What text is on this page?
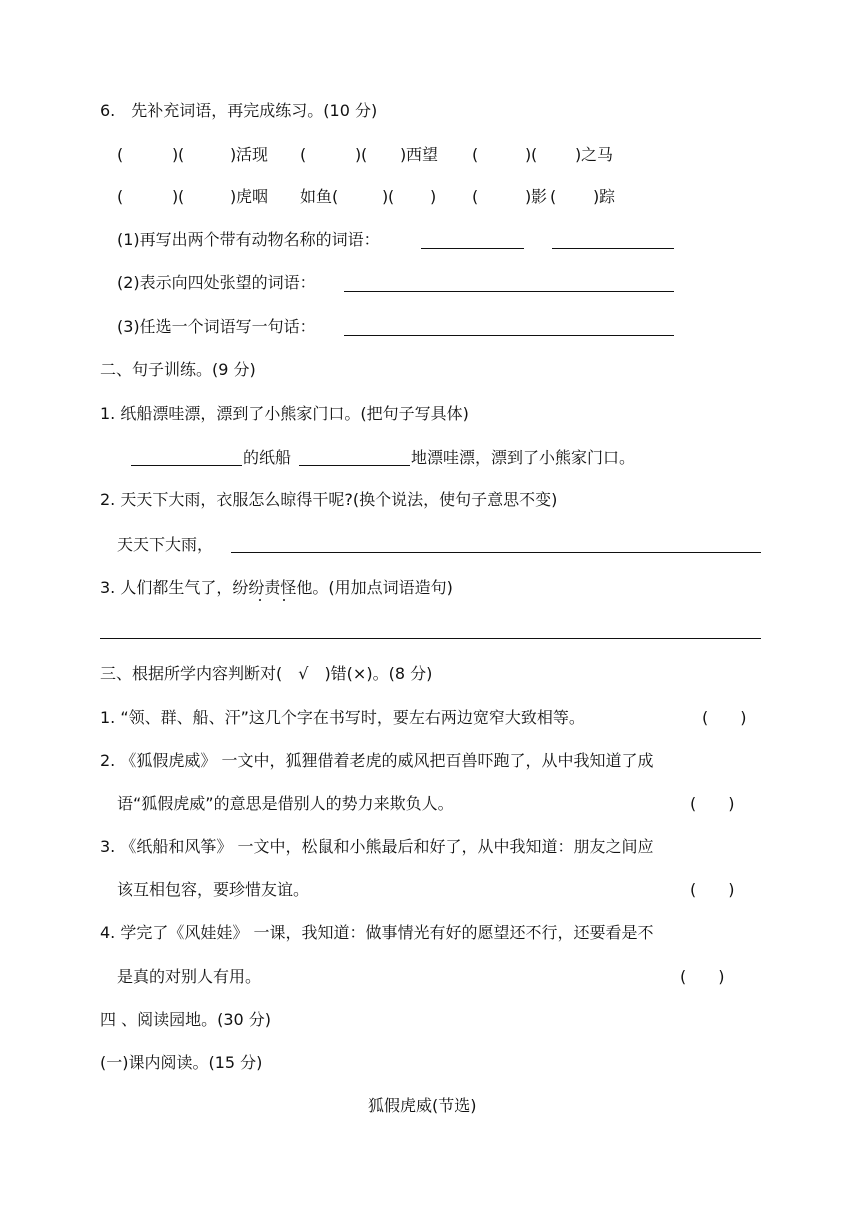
6.　先补充词语，再完成练习。(10 分)
(	) (	) 活现 (	) ( ) 西望 (	) ( ) 之马
(	) (	) 虎咽 如鱼(	) ( ) (	) 影 ( ) 踪
(1)再写出两个带有动物名称的词语：
(2)表示向四处张望的词语：
(3)任选一个词语写一句话：
二、句子训练。(9 分)
1. 纸船漂哇漂，漂到了小熊家门口。(把句子写具体)
的纸船	地漂哇漂，漂到了小熊家门口。
2. 天天下大雨，衣服怎么晾得干呢?(换个说法，使句子意思不变)
天天下大雨，
3. 人们都生气了，纷纷责怪他。(用加点词语造句)
三、根据所学内容判断对(　√　)错(×)。(8 分)
1. “领、群、船、汗”这几个字在书写时，要左右两边宽窄大致相等。	(　　)
2. 《狐假虎威》 一文中，狐狸借着老虎的威风把百兽吓跑了，从中我知道了成
语“狐假虎威”的意思是借别人的势力来欺负人。	(　　)
3. 《纸船和风筝》 一文中，松鼠和小熊最后和好了，从中我知道：朋友之间应
该互相包容，要珍惜友谊。	(　　)
4. 学完了《风娃娃》 一课，我知道：做事情光有好的愿望还不行，还要看是不
是真的对别人有用。	(　　)
四 、阅读园地。(30 分)
(一)课内阅读。(15 分)
狐假虎威(节选)
